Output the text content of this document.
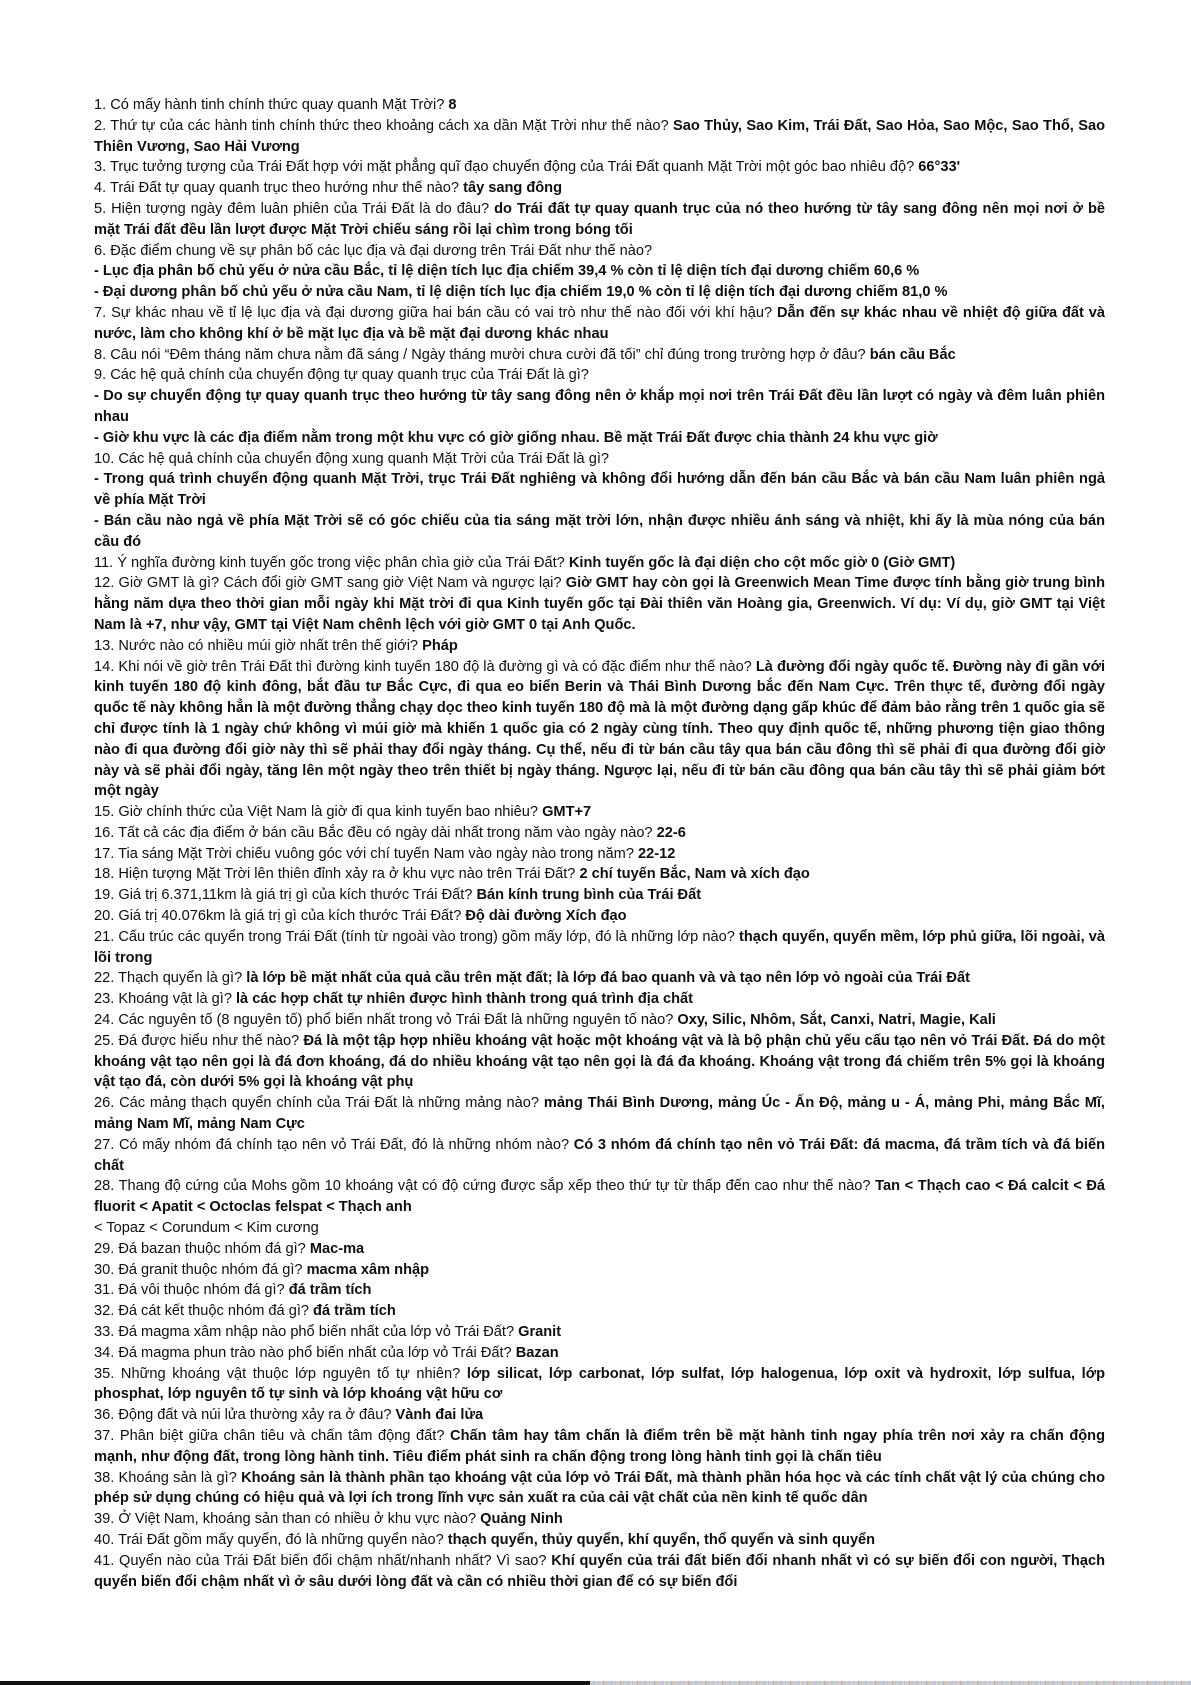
1. Có mấy hành tinh chính thức quay quanh Mặt Trời? 8

2. Thứ tự của các hành tinh chính thức theo khoảng cách xa dần Mặt Trời như thế nào? Sao Thủy, Sao Kim, Trái Đất, Sao Hỏa, Sao Mộc, Sao Thổ, Sao Thiên Vương, Sao Hải Vương

3. Trục tưởng tượng của Trái Đất hợp với mặt phẳng quĩ đạo chuyển động của Trái Đất quanh Mặt Trời một góc bao nhiêu độ? 66°33'

4. Trái Đất tự quay quanh trục theo hướng như thế nào? tây sang đông

5. Hiện tượng ngày đêm luân phiên của Trái Đất là do đâu? do Trái đất tự quay quanh trục của nó theo hướng từ tây sang đông nên mọi nơi ở bề mặt Trái đất đều lần lượt được Mặt Trời chiếu sáng rồi lại chìm trong bóng tối

6. Đặc điểm chung về sự phân bố các lục địa và đại dương trên Trái Đất như thế nào?

- Lục địa phân bố chủ yếu ở nửa cầu Bắc, tỉ lệ diện tích lục địa chiếm 39,4 % còn tỉ lệ diện tích đại dương chiếm 60,6 %

- Đại dương phân bố chủ yếu ở nửa cầu Nam, tỉ lệ diện tích lục địa chiếm 19,0 % còn tỉ lệ diện tích đại dương chiếm 81,0 %

7. Sự khác nhau về tỉ lệ lục địa và đại dương giữa hai bán cầu có vai trò như thế nào đối với khí hậu? Dẫn đến sự khác nhau về nhiệt độ giữa đất và nước, làm cho không khí ở bề mặt lục địa và bề mặt đại dương khác nhau

8. Câu nói “Đêm tháng năm chưa nằm đã sáng / Ngày tháng mười chưa cười đã tối” chỉ đúng trong trường hợp ở đâu? bán cầu Bắc

9. Các hệ quả chính của chuyển động tự quay quanh trục của Trái Đất là gì?

- Do sự chuyển động tự quay quanh trục theo hướng từ tây sang đông nên ở khắp mọi nơi trên Trái Đất đều lần lượt có ngày và đêm luân phiên nhau

- Giờ khu vực là các địa điểm nằm trong một khu vực có giờ giống nhau. Bề mặt Trái Đất được chia thành 24 khu vực giờ

10. Các hệ quả chính của chuyển động xung quanh Mặt Trời của Trái Đất là gì?

- Trong quá trình chuyển động quanh Mặt Trời, trục Trái Đất nghiêng và không đổi hướng dẫn đến bán cầu Bắc và bán cầu Nam luân phiên ngả về phía Mặt Trời

- Bán cầu nào ngả về phía Mặt Trời sẽ có góc chiếu của tia sáng mặt trời lớn, nhận được nhiều ánh sáng và nhiệt, khi ấy là mùa nóng của bán cầu đó

11. Ý nghĩa đường kinh tuyến gốc trong việc phân chìa giờ của Trái Đất? Kinh tuyến gốc là đại diện cho cột mốc giờ 0 (Giờ GMT)

12. Giờ GMT là gì? Cách đổi giờ GMT sang giờ Việt Nam và ngược lại? Giờ GMT hay còn gọi là Greenwich Mean Time được tính bằng giờ trung bình hằng năm dựa theo thời gian mỗi ngày khi Mặt trời đi qua Kinh tuyến gốc tại Đài thiên văn Hoàng gia, Greenwich. Ví dụ: Ví dụ, giờ GMT tại Việt Nam là +7, như vậy, GMT tại Việt Nam chênh lệch với giờ GMT 0 tại Anh Quốc.

13. Nước nào có nhiều múi giờ nhất trên thế giới? Pháp

14. Khi nói về giờ trên Trái Đất thì đường kinh tuyến 180 độ là đường gì và có đặc điểm như thế nào? Là đường đổi ngày quốc tế. Đường này đi gần với kinh tuyến 180 độ kinh đông, bắt đầu tư Bắc Cực, đi qua eo biển Berin và Thái Bình Dương bắc đến Nam Cực. Trên thực tế, đường đổi ngày quốc tế này không hẳn là một đường thẳng chạy dọc theo kinh tuyến 180 độ mà là một đường dạng gấp khúc để đảm bảo rằng trên 1 quốc gia sẽ chỉ được tính là 1 ngày chứ không vì múi giờ mà khiến 1 quốc gia có 2 ngày cùng tính. Theo quy định quốc tế, những phương tiện giao thông nào đi qua đường đổi giờ này thì sẽ phải thay đổi ngày tháng. Cụ thể, nếu đi từ bán cầu tây qua bán cầu đông thì sẽ phải đi qua đường đổi giờ này và sẽ phải đổi ngày, tăng lên một ngày theo trên thiết bị ngày tháng. Ngược lại, nếu đi từ bán cầu đông qua bán cầu tây thì sẽ phải giảm bớt một ngày

15. Giờ chính thức của Việt Nam là giờ đi qua kinh tuyến bao nhiêu? GMT+7

16. Tất cả các địa điểm ở bán cầu Bắc đều có ngày dài nhất trong năm vào ngày nào? 22-6

17. Tia sáng Mặt Trời chiếu vuông góc với chí tuyến Nam vào ngày nào trong năm? 22-12

18. Hiện tượng Mặt Trời lên thiên đỉnh xảy ra ở khu vực nào trên Trái Đất? 2 chí tuyến Bắc, Nam và xích đạo

19. Giá trị 6.371,11km là giá trị gì của kích thước Trái Đất? Bán kính trung bình của Trái Đất

20. Giá trị 40.076km là giá trị gì của kích thước Trái Đất? Độ dài đường Xích đạo

21. Cấu trúc các quyển trong Trái Đất (tính từ ngoài vào trong) gồm mấy lớp, đó là những lớp nào? thạch quyển, quyển mềm, lớp phủ giữa, lõi ngoài, và lõi trong

22. Thạch quyển là gì? là lớp bề mặt nhất của quả cầu trên mặt đất; là lớp đá bao quanh và và tạo nên lớp vỏ ngoài của Trái Đất

23. Khoáng vật là gì? là các hợp chất tự nhiên được hình thành trong quá trình địa chất

24. Các nguyên tố (8 nguyên tố) phổ biến nhất trong vỏ Trái Đất là những nguyên tố nào? Oxy, Silic, Nhôm, Sắt, Canxi, Natri, Magie, Kali

25. Đá được hiểu như thế nào? Đá là một tập hợp nhiều khoáng vật hoặc một khoáng vật và là bộ phận chủ yếu cấu tạo nên vỏ Trái Đất. Đá do một khoáng vật tạo nên gọi là đá đơn khoáng, đá do nhiều khoáng vật tạo nên gọi là đá đa khoáng. Khoáng vật trong đá chiếm trên 5% gọi là khoáng vật tạo đá, còn dưới 5% gọi là khoáng vật phụ

26. Các mảng thạch quyển chính của Trái Đất là những mảng nào? mảng Thái Bình Dương, mảng Úc - Ấn Độ, mảng u - Á, mảng Phi, mảng Bắc Mĩ, mảng Nam Mĩ, mảng Nam Cực

27. Có mấy nhóm đá chính tạo nên vỏ Trái Đất, đó là những nhóm nào? Có 3 nhóm đá chính tạo nên vỏ Trái Đất: đá macma, đá trầm tích và đá biến chất

28. Thang độ cứng của Mohs gồm 10 khoáng vật có độ cứng được sắp xếp theo thứ tự từ thấp đến cao như thế nào? Tan < Thạch cao < Đá calcit < Đá fluorit < Apatit < Octoclas felspat < Thạch anh

< Topaz < Corundum < Kim cương

29. Đá bazan thuộc nhóm đá gì? Mac-ma

30. Đá granit thuộc nhóm đá gì? macma xâm nhập

31. Đá vôi thuộc nhóm đá gì? đá trầm tích

32. Đá cát kết thuộc nhóm đá gì? đá trầm tích

33. Đá magma xâm nhập nào phổ biến nhất của lớp vỏ Trái Đất? Granit

34. Đá magma phun trào nào phổ biến nhất của lớp vỏ Trái Đất? Bazan

35. Những khoáng vật thuộc lớp nguyên tố tự nhiên? lớp silicat, lớp carbonat, lớp sulfat, lớp halogenua, lớp oxit và hydroxit, lớp sulfua, lớp phosphat, lớp nguyên tố tự sinh và lớp khoáng vật hữu cơ

36. Động đất và núi lửa thường xảy ra ở đâu? Vành đai lửa

37. Phân biệt giữa chân tiêu và chấn tâm động đất? Chấn tâm hay tâm chấn là điểm trên bề mặt hành tinh ngay phía trên nơi xảy ra chấn động mạnh, như động đất, trong lòng hành tinh. Tiêu điểm phát sinh ra chấn động trong lòng hành tinh gọi là chấn tiêu

38. Khoáng sản là gì? Khoáng sản là thành phần tạo khoáng vật của lớp vỏ Trái Đất, mà thành phần hóa học và các tính chất vật lý của chúng cho phép sử dụng chúng có hiệu quả và lợi ích trong lĩnh vực sản xuất ra của cải vật chất của nền kinh tế quốc dân

39. Ở Việt Nam, khoáng sản than có nhiều ở khu vực nào? Quảng Ninh

40. Trái Đất gồm mấy quyển, đó là những quyển nào? thạch quyển, thủy quyển, khí quyển, thổ quyển và sinh quyển

41. Quyển nào của Trái Đất biến đổi chậm nhất/nhanh nhất? Vì sao? Khí quyển của trái đất biến đổi nhanh nhất vì có sự biến đổi con người, Thạch quyển biến đổi chậm nhất vì ở sâu dưới lòng đất và cần có nhiều thời gian để có sự biến đổi
